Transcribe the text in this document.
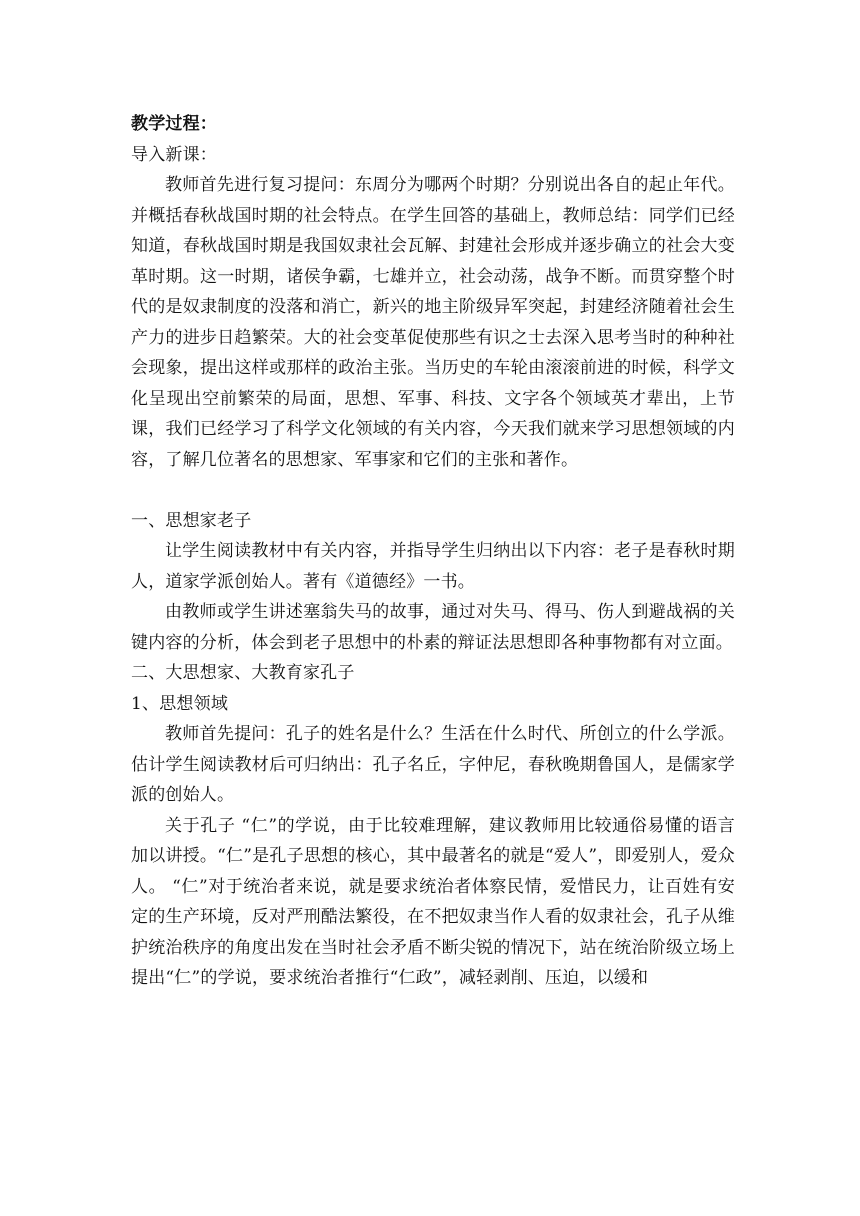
教学过程：

导入新课：

教师首先进行复习提问：东周分为哪两个时期？分别说出各自的起止年代。并概括春秋战国时期的社会特点。在学生回答的基础上，教师总结：同学们已经知道，春秋战国时期是我国奴隶社会瓦解、封建社会形成并逐步确立的社会大变革时期。这一时期，诸侯争霸，七雄并立，社会动荡，战争不断。而贯穿整个时代的是奴隶制度的没落和消亡，新兴的地主阶级异军突起，封建经济随着社会生产力的进步日趋繁荣。大的社会变革促使那些有识之士去深入思考当时的种种社会现象，提出这样或那样的政治主张。当历史的车轮由滚滚前进的时候，科学文化呈现出空前繁荣的局面，思想、军事、科技、文字各个领域英才辈出，上节课，我们已经学习了科学文化领域的有关内容，今天我们就来学习思想领域的内容，了解几位著名的思想家、军事家和它们的主张和著作。

一、思想家老子

让学生阅读教材中有关内容，并指导学生归纳出以下内容：老子是春秋时期人，道家学派创始人。著有《道德经》一书。

由教师或学生讲述塞翁失马的故事，通过对失马、得马、伤人到避战祸的关键内容的分析，体会到老子思想中的朴素的辩证法思想即各种事物都有对立面。

二、大思想家、大教育家孔子

1、思想领域

教师首先提问：孔子的姓名是什么？生活在什么时代、所创立的什么学派。估计学生阅读教材后可归纳出：孔子名丘，字仲尼，春秋晚期鲁国人，是儒家学派的创始人。

关于孔子 “仁”的学说，由于比较难理解，建议教师用比较通俗易懂的语言加以讲授。“仁”是孔子思想的核心，其中最著名的就是“爱人”，即爱别人，爱众人。 “仁”对于统治者来说，就是要求统治者体察民情，爱惜民力，让百姓有安定的生产环境，反对严刑酷法繁役，在不把奴隶当作人看的奴隶社会，孔子从维护统治秩序的角度出发在当时社会矛盾不断尖锐的情况下，站在统治阶级立场上提出“仁”的学说，要求统治者推行“仁政”，减轻剥削、压迫，以缓和
